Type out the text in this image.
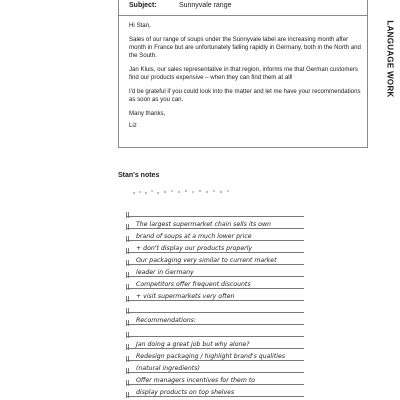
Subject:	Sunnyvale range

Hi Stan,

Sales of our range of soups under the Sunnyvale label are increasing month after month in France but are unfortunately falling rapidly in Germany, both in the North and the South.

Jan Kluis, our sales representative in that region, informs me that German customers find our products expensive – when they can find them at all!

I'd be grateful if you could look into the matter and let me have your recommendations as soon as you can.

Many thanks,

Liz

LANGUAGE WORK
Stan's notes
The largest supermarket chain sells its own
brand of soups at a much lower price
+ don't display our products properly
Our packaging very similar to current market
leader in Germany
Competitors offer frequent discounts
+ visit supermarkets very often
Recommendations:
Jan doing a great job but why alone?
Redesign packaging / highlight brand's qualities
(natural ingredients)
Offer managers incentives for them to
display products on top shelves
